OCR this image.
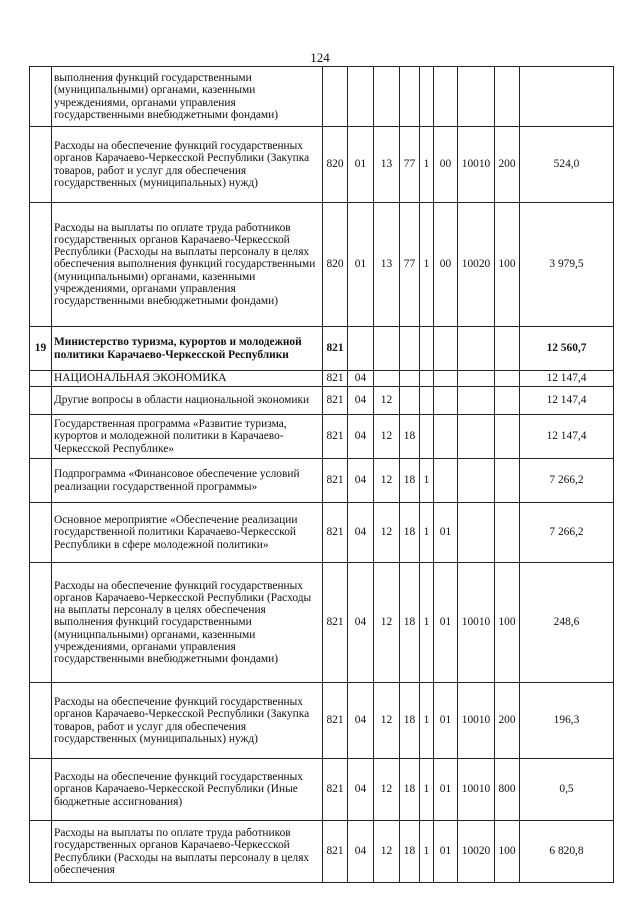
124
	выполнения функций государственными (муниципальными) органами, казенными учреждениями, органами управления государственными внебюджетными фондами)									
	Расходы на обеспечение функций государственных органов Карачаево-Черкесской Республики (Закупка товаров, работ и услуг для обеспечения государственных (муниципальных) нужд)	820	01	13	77	1	00	10010	200	524,0
	Расходы на выплаты по оплате труда работников государственных органов Карачаево-Черкесской Республики (Расходы на выплаты персоналу в целях обеспечения выполнения функций государственными (муниципальными) органами, казенными учреждениями, органами управления государственными внебюджетными фондами)	820	01	13	77	1	00	10020	100	3 979,5
19	Министерство туризма, курортов и молодежной политики Карачаево-Черкесской Республики	821								12 560,7
	НАЦИОНАЛЬНАЯ ЭКОНОМИКА	821	04							12 147,4
	Другие вопросы в области национальной экономики	821	04	12						12 147,4
	Государственная программа «Развитие туризма, курортов и молодежной политики в Карачаево-Черкесской Республике»	821	04	12	18					12 147,4
	Подпрограмма «Финансовое обеспечение условий реализации государственной программы»	821	04	12	18	1				7 266,2
	Основное мероприятие «Обеспечение реализации государственной политики Карачаево-Черкесской Республики в сфере молодежной политики»	821	04	12	18	1	01			7 266,2
	Расходы на обеспечение функций государственных органов Карачаево-Черкесской Республики (Расходы на выплаты персоналу в целях обеспечения выполнения функций государственными (муниципальными) органами, казенными учреждениями, органами управления государственными внебюджетными фондами)	821	04	12	18	1	01	10010	100	248,6
	Расходы на обеспечение функций государственных органов Карачаево-Черкесской Республики (Закупка товаров, работ и услуг для обеспечения государственных (муниципальных) нужд)	821	04	12	18	1	01	10010	200	196,3
	Расходы на обеспечение функций государственных органов Карачаево-Черкесской Республики (Иные бюджетные ассигнования)	821	04	12	18	1	01	10010	800	0,5
	Расходы на выплаты по оплате труда работников государственных органов Карачаево-Черкесской Республики (Расходы на выплаты персоналу в целях обеспечения	821	04	12	18	1	01	10020	100	6 820,8
